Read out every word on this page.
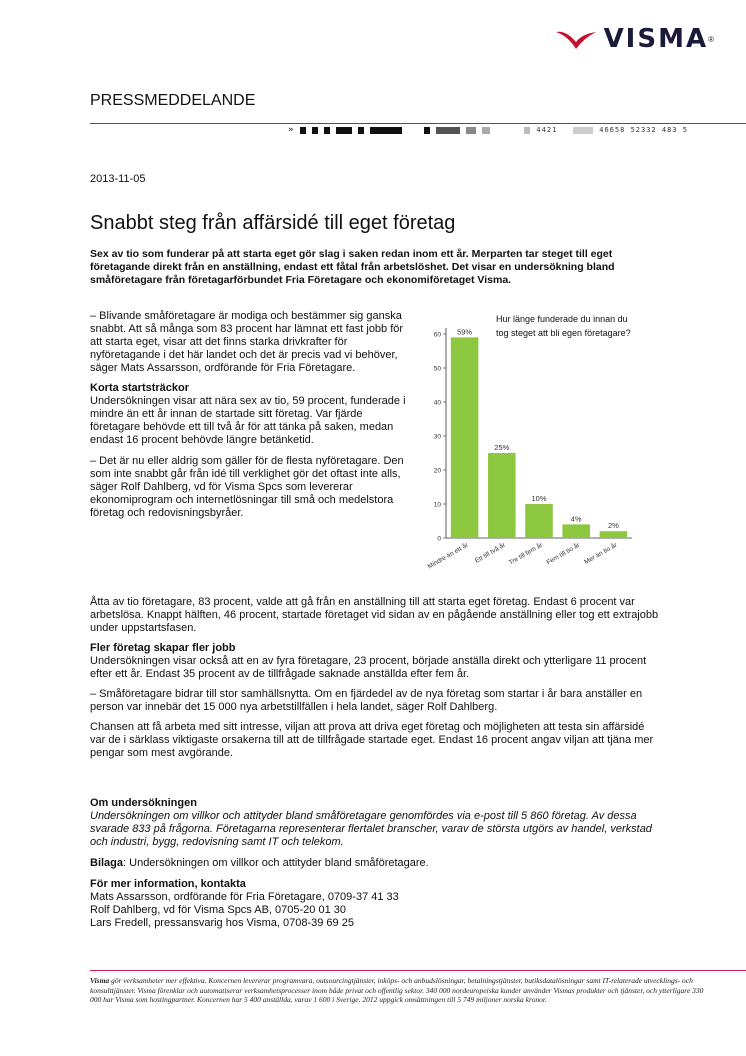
VISMA ®
PRESSMEDDELANDE
»	4421	46658 52332 483 5
2013-11-05
Snabbt steg från affärsidé till eget företag
Sex av tio som funderar på att starta eget gör slag i saken redan inom ett år. Merparten tar steget till eget företagande direkt från en anställning, endast ett fåtal från arbetslöshet. Det visar en undersökning bland småföretagare från företagarförbundet Fria Företagare och ekonomiföretaget Visma.

– Blivande småföretagare är modiga och bestämmer sig ganska snabbt. Att så många som 83 procent har lämnat ett fast jobb för att starta eget, visar att det finns starka drivkrafter för nyföretagande i det här landet och det är precis vad vi behöver, säger Mats Assarsson, ordförande för Fria Företagare.

Korta startsträckor

Undersökningen visar att nära sex av tio, 59 procent, funderade i mindre än ett år innan de startade sitt företag. Var fjärde företagare behövde ett till två år för att tänka på saken, medan endast 16 procent behövde längre betänketid.

– Det är nu eller aldrig som gäller för de flesta nyföretagare. Den som inte snabbt går från idé till verklighet gör det oftast inte alls, säger Rolf Dahlberg, vd för Visma Spcs som levererar ekonomiprogram och internetlösningar till små och medelstora företag och redovisningsbyråer.

Hur länge funderade du innan du
tog steget att bli egen företagare?
0
10
20
30
40
50
60 59%
Mindre än ett år
25%
Ett till två år
10%
Tre till fem år
4%
Fem till tio år
2%
Mer än tio år

Åtta av tio företagare, 83 procent, valde att gå från en anställning till att starta eget företag. Endast 6 procent var arbetslösa. Knappt hälften, 46 procent, startade företaget vid sidan av en pågående anställning eller tog ett extrajobb under uppstartsfasen.

Fler företag skapar fler jobb

Undersökningen visar också att en av fyra företagare, 23 procent, började anställa direkt och ytterligare 11 procent efter ett år. Endast 35 procent av de tillfrågade saknade anställda efter fem år.

– Småföretagare bidrar till stor samhällsnytta. Om en fjärdedel av de nya företag som startar i år bara anställer en person var innebär det 15 000 nya arbetstillfällen i hela landet, säger Rolf Dahlberg.

Chansen att få arbeta med sitt intresse, viljan att prova att driva eget företag och möjligheten att testa sin affärsidé var de i särklass viktigaste orsakerna till att de tillfrågade startade eget. Endast 16 procent angav viljan att tjäna mer pengar som mest avgörande.

Om undersökningen

Undersökningen om villkor och attityder bland småföretagare genomfördes via e-post till 5 860 företag. Av dessa svarade 833 på frågorna. Företagarna representerar flertalet branscher, varav de största utgörs av handel, verkstad och industri, bygg, redovisning samt IT och telekom.

Bilaga: Undersökningen om villkor och attityder bland småföretagare.

För mer information, kontakta

Mats Assarsson, ordförande för Fria Företagare, 0709-37 41 33

Rolf Dahlberg, vd för Visma Spcs AB, 0705-20 01 30

Lars Fredell, pressansvarig hos Visma, 0708-39 69 25

Visma gör verksamheter mer effektiva. Koncernen levererar programvara, outsourcingtjänster, inköps- och anbudslösningar, betalningstjänster, butiksdatalösningar samt IT-relaterade utvecklings- och konsulttjänster. Visma förenklar och automatiserar verksamhetsprocesser inom både privat och offentlig sektor. 340 000 nordeuropeiska kunder använder Vismas produkter och tjänster, och ytterligare 330 000 har Visma som hostingpartner. Koncernen har 5 400 anställda, varav 1 600 i Sverige. 2012 uppgick omsättningen till 5 749 miljoner norska kronor.
